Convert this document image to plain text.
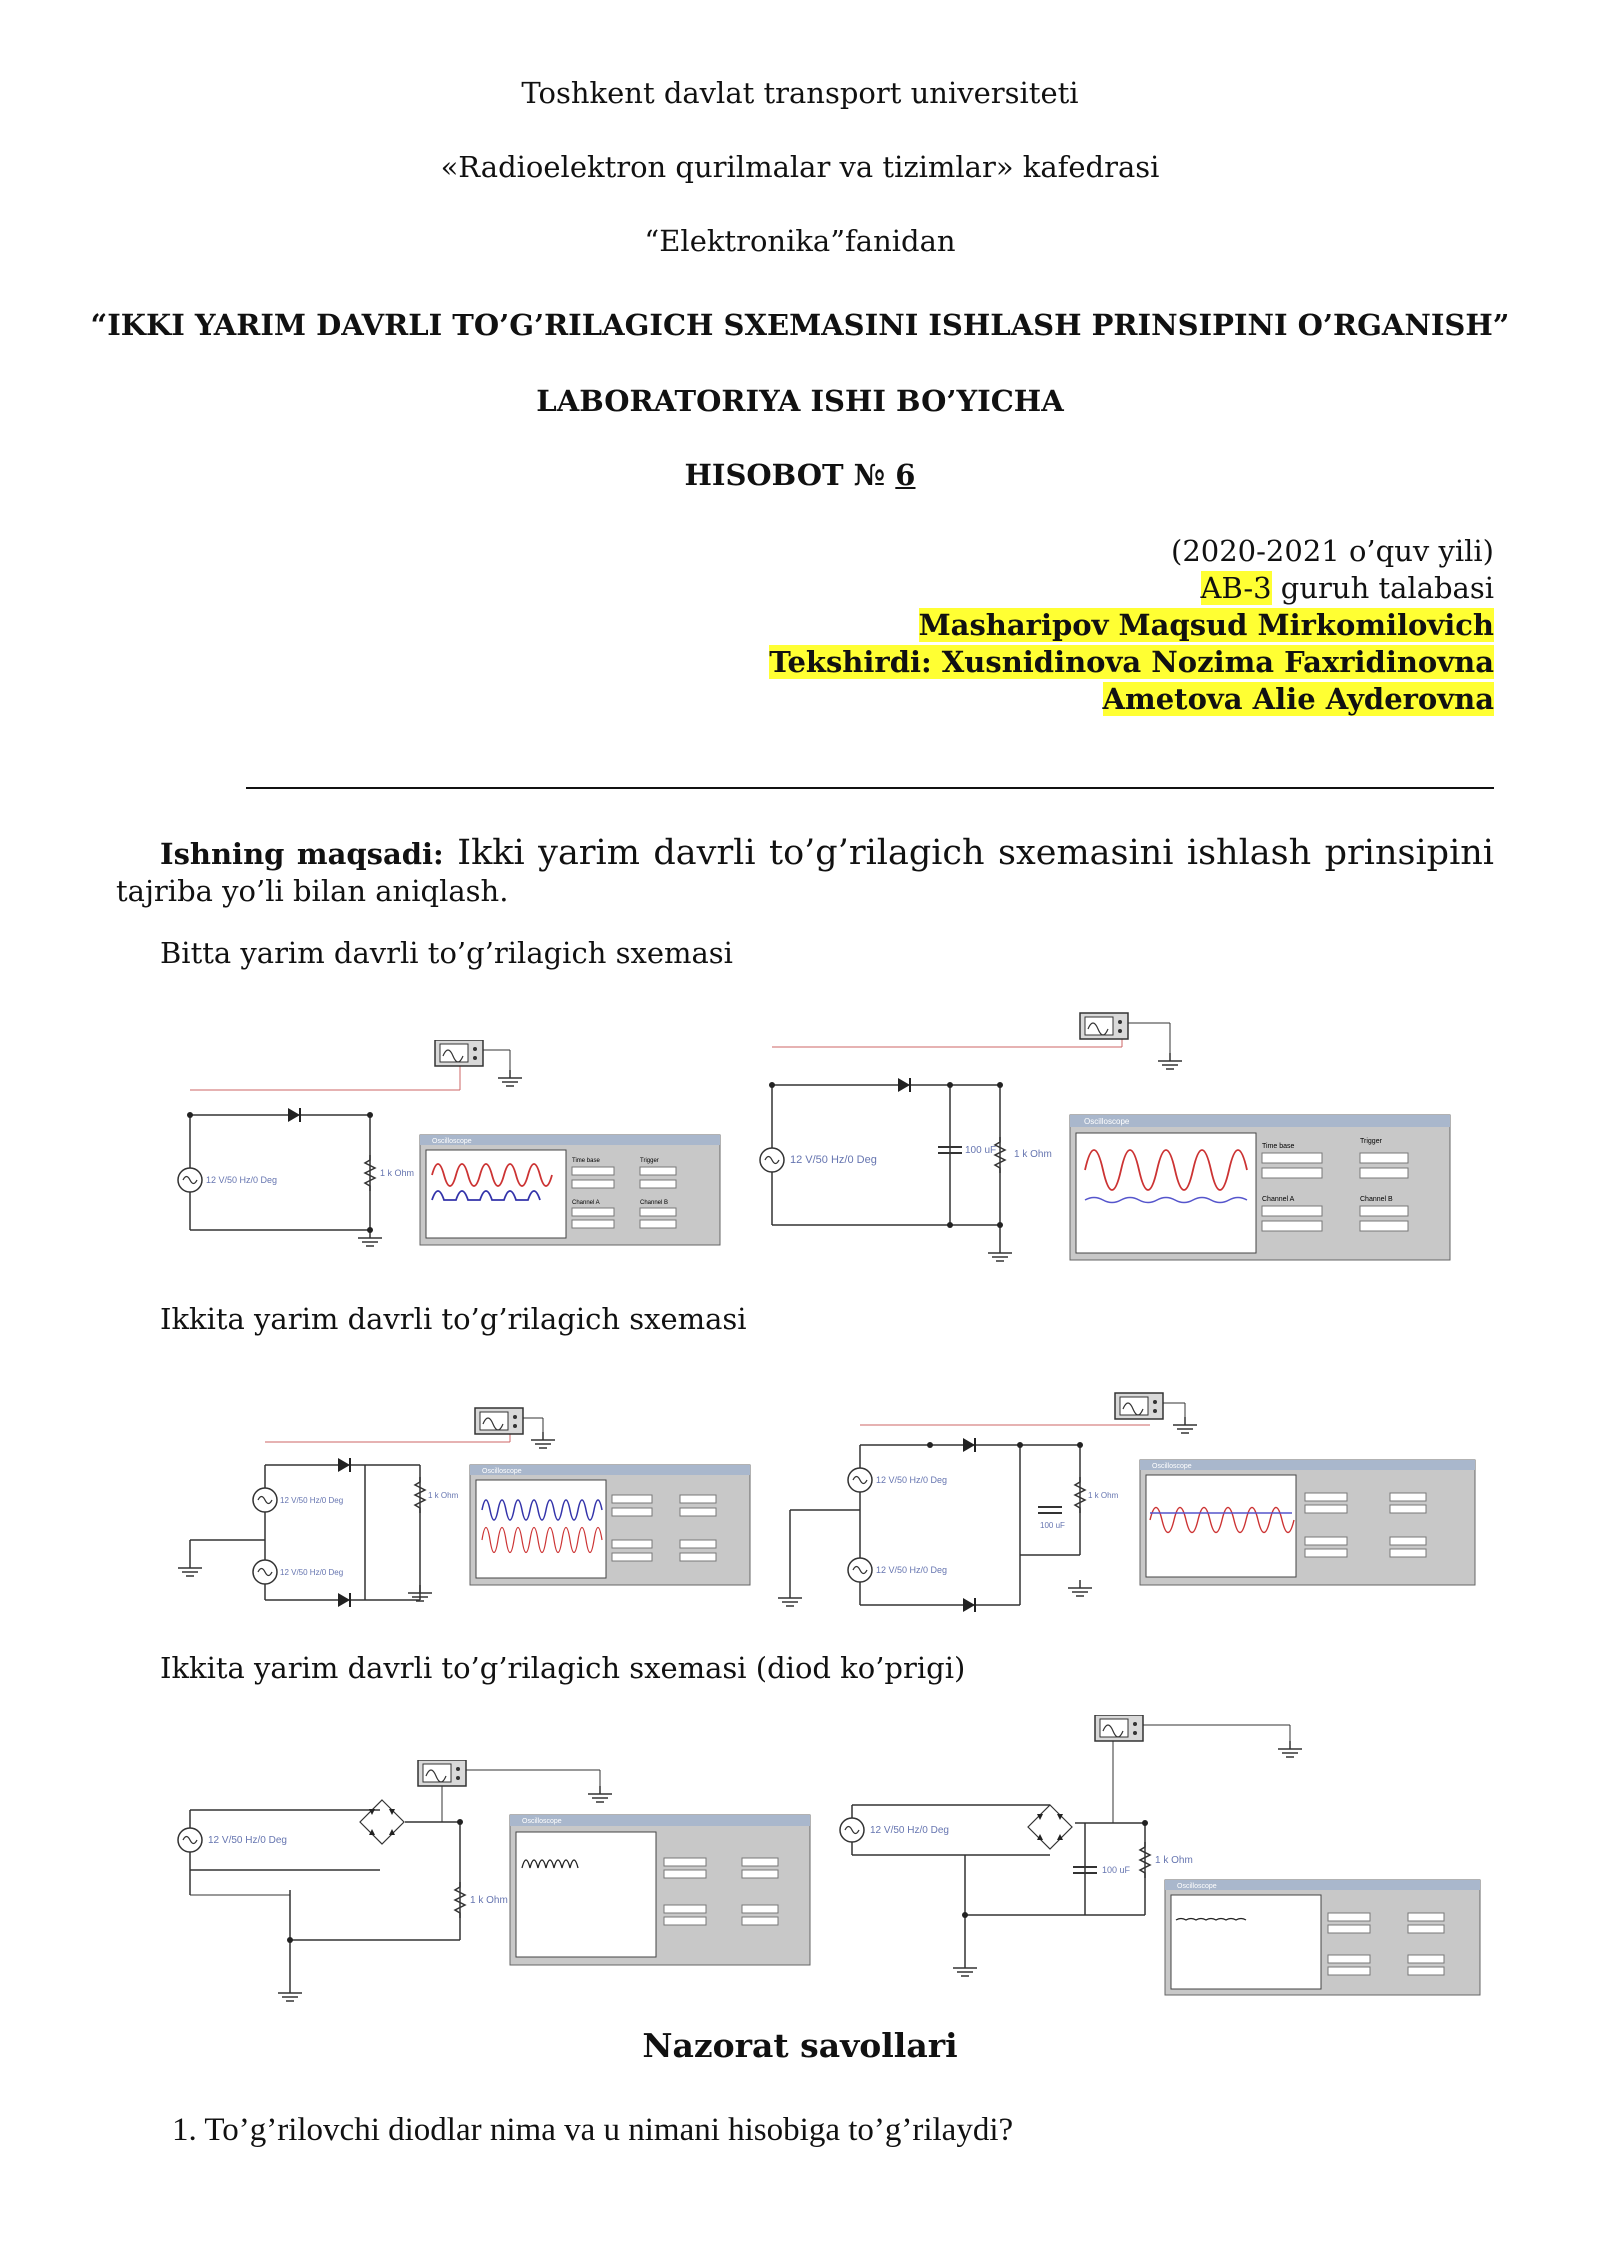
Toshkent davlat transport universiteti
«Radioelektron qurilmalar va tizimlar» kafedrasi
“Elektronika”fanidan
“IKKI YARIM DAVRLI TO’G’RILAGICH SXEMASINI ISHLASH PRINSIPINI O’RGANISH”
LABORATORIYA ISHI BO’YICHA
HISOBOT № 6
(2020-2021 o’quv yili)
AB-3 guruh talabasi
Masharipov Maqsud Mirkomilovich
Tekshirdi: Xusnidinova Nozima Faxridinovna
Ametova Alie Ayderovna
Ishning maqsadi: Ikki yarim davrli to’g’rilagich sxemasini ishlash prinsipini tajriba yo’li bilan aniqlash.
Bitta yarim davrli to’g’rilagich sxemasi
Ikkita yarim davrli to’g’rilagich sxemasi
Ikkita yarim davrli to’g’rilagich sxemasi (diod ko’prigi)
12 V/50 Hz/0 Deg
1 k Ohm
Oscilloscope
Time base	Trigger
Channel A	Channel B
12 V/50 Hz/0 Deg
100 uF 1 k Ohm
Oscilloscope
Time base
Trigger
Channel A	Channel B
12 V/50 Hz/0 Deg
12 V/50 Hz/0 Deg
1 k Ohm
Oscilloscope
12 V/50 Hz/0 Deg
12 V/50 Hz/0 Deg
100 uF
1 k Ohm
Oscilloscope
12 V/50 Hz/0 Deg
1 k Ohm
Oscilloscope
12 V/50 Hz/0 Deg
100 uF
1 k Ohm
Oscilloscope
Nazorat savollari
1. To’g’rilovchi diodlar nima va u nimani hisobiga to’g’rilaydi?
